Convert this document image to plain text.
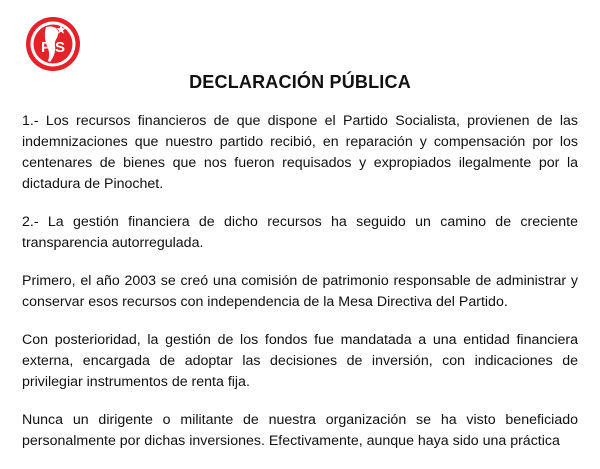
P S
DECLARACIÓN PÚBLICA

1.- Los recursos financieros de que dispone el Partido Socialista, provienen de las indemnizaciones que nuestro partido recibió, en reparación y compensación por los centenares de bienes que nos fueron requisados y expropiados ilegalmente por la dictadura de Pinochet.

2.- La gestión financiera de dicho recursos ha seguido un camino de creciente transparencia autorregulada.

Primero, el año 2003 se creó una comisión de patrimonio responsable de administrar y conservar esos recursos con independencia de la Mesa Directiva del Partido.

Con posterioridad, la gestión de los fondos fue mandatada a una entidad financiera externa, encargada de adoptar las decisiones de inversión, con indicaciones de privilegiar instrumentos de renta fija.

Nunca un dirigente o militante de nuestra organización se ha visto beneficiado personalmente por dichas inversiones. Efectivamente, aunque haya sido una práctica
